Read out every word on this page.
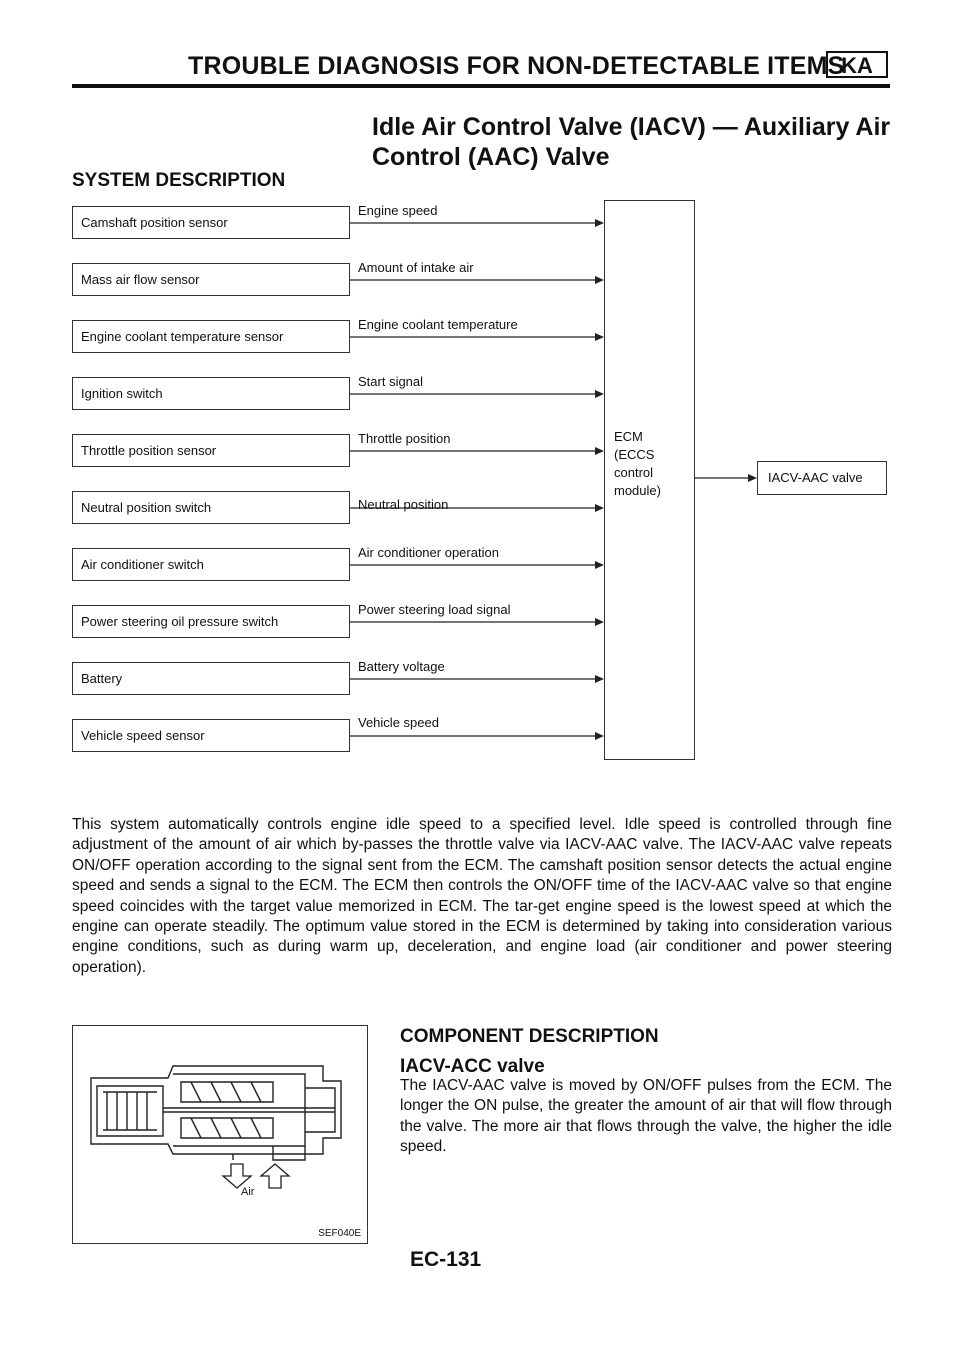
TROUBLE DIAGNOSIS FOR NON-DETECTABLE ITEMS
KA
Idle Air Control Valve (IACV) — Auxiliary Air
Control (AAC) Valve
SYSTEM DESCRIPTION
Camshaft position sensor
Engine speed
Mass air flow sensor
Amount of intake air
Engine coolant temperature sensor
Engine coolant temperature
Ignition switch
Start signal
Throttle position sensor
Throttle position
Neutral position switch	Neutral position
Air conditioner switch
Air conditioner operation
Power steering oil pressure switch
Power steering load signal
Battery
Battery voltage
Vehicle speed sensor
Vehicle speed
ECM
(ECCS
control
module)
IACV-AAC valve
This system automatically controls engine idle speed to a specified level. Idle speed is controlled through fine adjustment of the amount of air which by-passes the throttle valve via IACV-AAC valve. The IACV-AAC valve repeats ON/OFF operation according to the signal sent from the ECM. The camshaft position sensor detects the actual engine speed and sends a signal to the ECM. The ECM then controls the ON/OFF time of the IACV-AAC valve so that engine speed coincides with the target value memorized in ECM. The tar-get engine speed is the lowest speed at which the engine can operate steadily. The optimum value stored in the ECM is determined by taking into consideration various engine conditions, such as during warm up, deceleration, and engine load (air conditioner and power steering operation).
Air
SEF040E
COMPONENT DESCRIPTION
IACV-ACC valve
The IACV-AAC valve is moved by ON/OFF pulses from the ECM. The longer the ON pulse, the greater the amount of air that will flow through the valve. The more air that flows through the valve, the higher the idle speed.
EC-131
